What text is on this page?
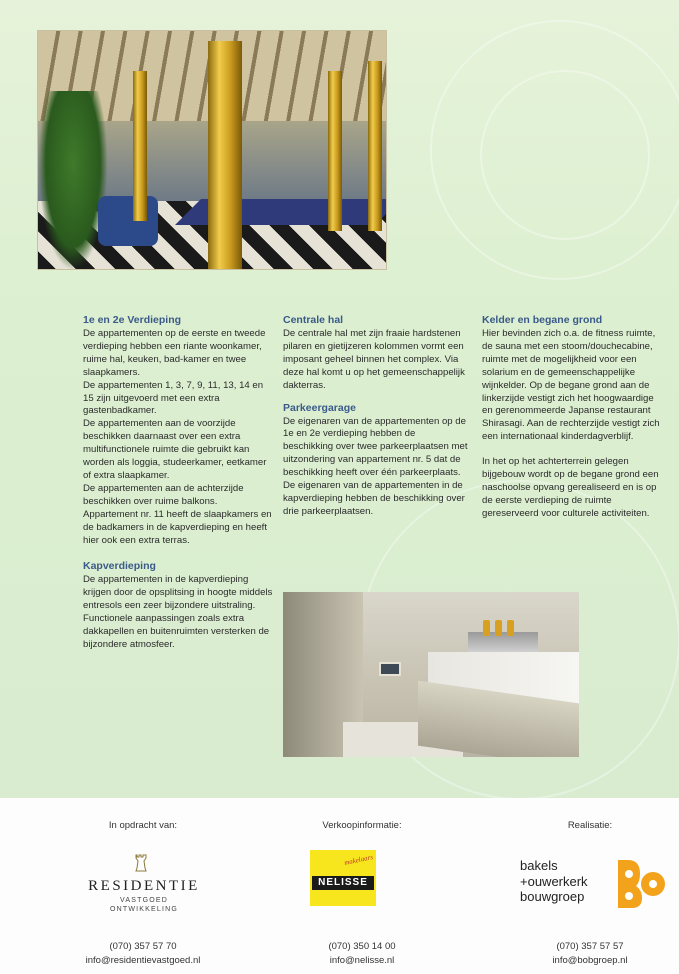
1e en 2e Verdieping

De appartementen op de eerste en tweede verdieping hebben een riante woonkamer, ruime hal, keuken, bad-kamer en twee slaapkamers.

De appartementen 1, 3, 7, 9, 11, 13, 14 en 15 zijn uitgevoerd met een extra gastenbadkamer.

De appartementen aan de voorzijde beschikken daarnaast over een extra multifunctionele ruimte die gebruikt kan worden als loggia, studeerkamer, eetkamer of extra slaapkamer.

De appartementen aan de achterzijde beschikken over ruime balkons.

Appartement nr. 11 heeft de slaapkamers en de badkamers in de kapverdieping en heeft hier ook een extra terras.

Kapverdieping

De appartementen in de kapverdieping krijgen door de opsplitsing in hoogte middels entresols een zeer bijzondere uitstraling. Functionele aanpassingen zoals extra dakkapellen en buitenruimten versterken de bijzondere atmosfeer.

Centrale hal

De centrale hal met zijn fraaie hardstenen pilaren en gietijzeren kolommen vormt een imposant geheel binnen het complex. Via deze hal komt u op het gemeenschappelijk dakterras.

Parkeergarage

De eigenaren van de appartementen op de 1e en 2e verdieping hebben de beschikking over twee parkeerplaatsen met uitzondering van appartement nr. 5 dat de beschikking heeft over één parkeerplaats.

De eigenaren van de appartementen in de kapverdieping hebben de beschikking over drie parkeerplaatsen.

Kelder en begane grond

Hier bevinden zich o.a. de fitness ruimte, de sauna met een stoom/douchecabine, ruimte met de mogelijkheid voor een solarium en de gemeenschappelijke wijnkelder. Op de begane grond aan de linkerzijde vestigt zich het hoogwaardige en gerenommeerde Japanse restaurant Shirasagi. Aan de rechterzijde vestigt zich een internationaal kinderdagverblijf.

In het op het achterterrein gelegen bijgebouw wordt op de begane grond een naschoolse opvang gerealiseerd en is op de eerste verdieping de ruimte gereserveerd voor culturele activiteiten.

In opdracht van:	Verkoopinformatie:	Realisatie:
RESIDENTIE
VASTGOED
ONTWIKKELING
makelaars
NELISSE
bakels
+ouwerkerk
bouwgroep
(070) 357 57 70
info@residentievastgoed.nl
(070) 350 14 00
info@nelisse.nl
(070) 357 57 57
info@bobgroep.nl
